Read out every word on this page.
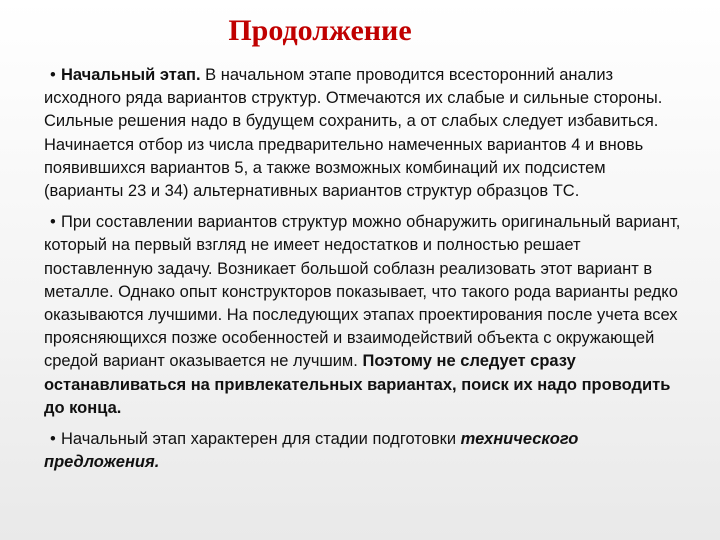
Продолжение

• Начальный этап. В начальном этапе проводится всесторонний анализ исходного ряда вариантов структур. Отмечаются их слабые и сильные стороны. Сильные решения надо в будущем сохранить, а от слабых следует избавиться. Начинается отбор из числа предварительно намеченных вариантов 4 и вновь появившихся вариантов 5, а также возможных комбинаций их подсистем (варианты 23 и 34) альтернативных вариантов структур образцов ТС.

• При составлении вариантов структур можно обнаружить оригинальный вариант, который на первый взгляд не имеет недостатков и полностью решает поставленную задачу. Возникает большой соблазн реализовать этот вариант в металле. Однако опыт конструкторов показывает, что такого рода варианты редко оказываются лучшими. На последующих этапах проектирования после учета всех проясняющихся позже особенностей и взаимодействий объекта с окружающей средой вариант оказывается не лучшим. Поэтому не следует сразу останавливаться на привлекательных вариантах, поиск их надо проводить до конца.

• Начальный этап характерен для стадии подготовки технического предложения.
